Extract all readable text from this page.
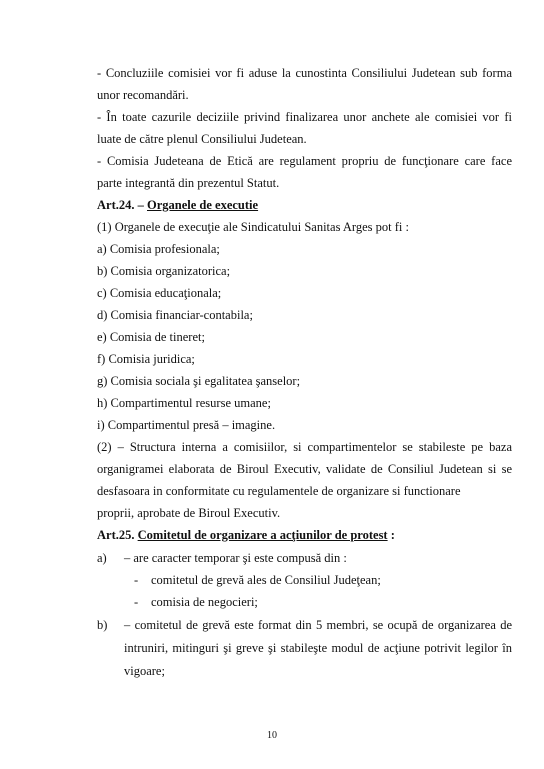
- Concluziile comisiei vor fi aduse la cunostinta Consiliului Judetean sub forma
unor recomandări.
- În toate cazurile deciziile privind finalizarea unor anchete ale comisiei vor fi
luate de către plenul Consiliului Judetean.
- Comisia Judeteana de Etică are regulament propriu de funcţionare care face
parte integrantă din prezentul Statut.
Art.24. – Organele de executie
(1) Organele de execuţie ale Sindicatului Sanitas Arges pot fi :
a) Comisia profesionala;
b) Comisia organizatorica;
c) Comisia educaţionala;
d) Comisia financiar-contabila;
e) Comisia de tineret;
f) Comisia juridica;
g) Comisia sociala şi egalitatea şanselor;
h) Compartimentul resurse umane;
i) Compartimentul presă – imagine.
(2) – Structura interna a comisiilor, si compartimentelor se stabileste pe baza
organigramei elaborata de Biroul Executiv, validate de Consiliul Judetean si se
desfasoara in conformitate cu regulamentele de organizare si functionare
proprii, aprobate de Biroul Executiv.
Art.25. Comitetul de organizare a acţiunilor de protest :
a) – are caracter temporar şi este compusă din :
- comitetul de grevă ales de Consiliul Judeţean;
- comisia de negocieri;
b) – comitetul de grevă este format din 5 membri, se ocupă de organizarea de
intruniri, mitinguri şi greve şi stabileşte modul de acţiune potrivit legilor în
vigoare;
10
